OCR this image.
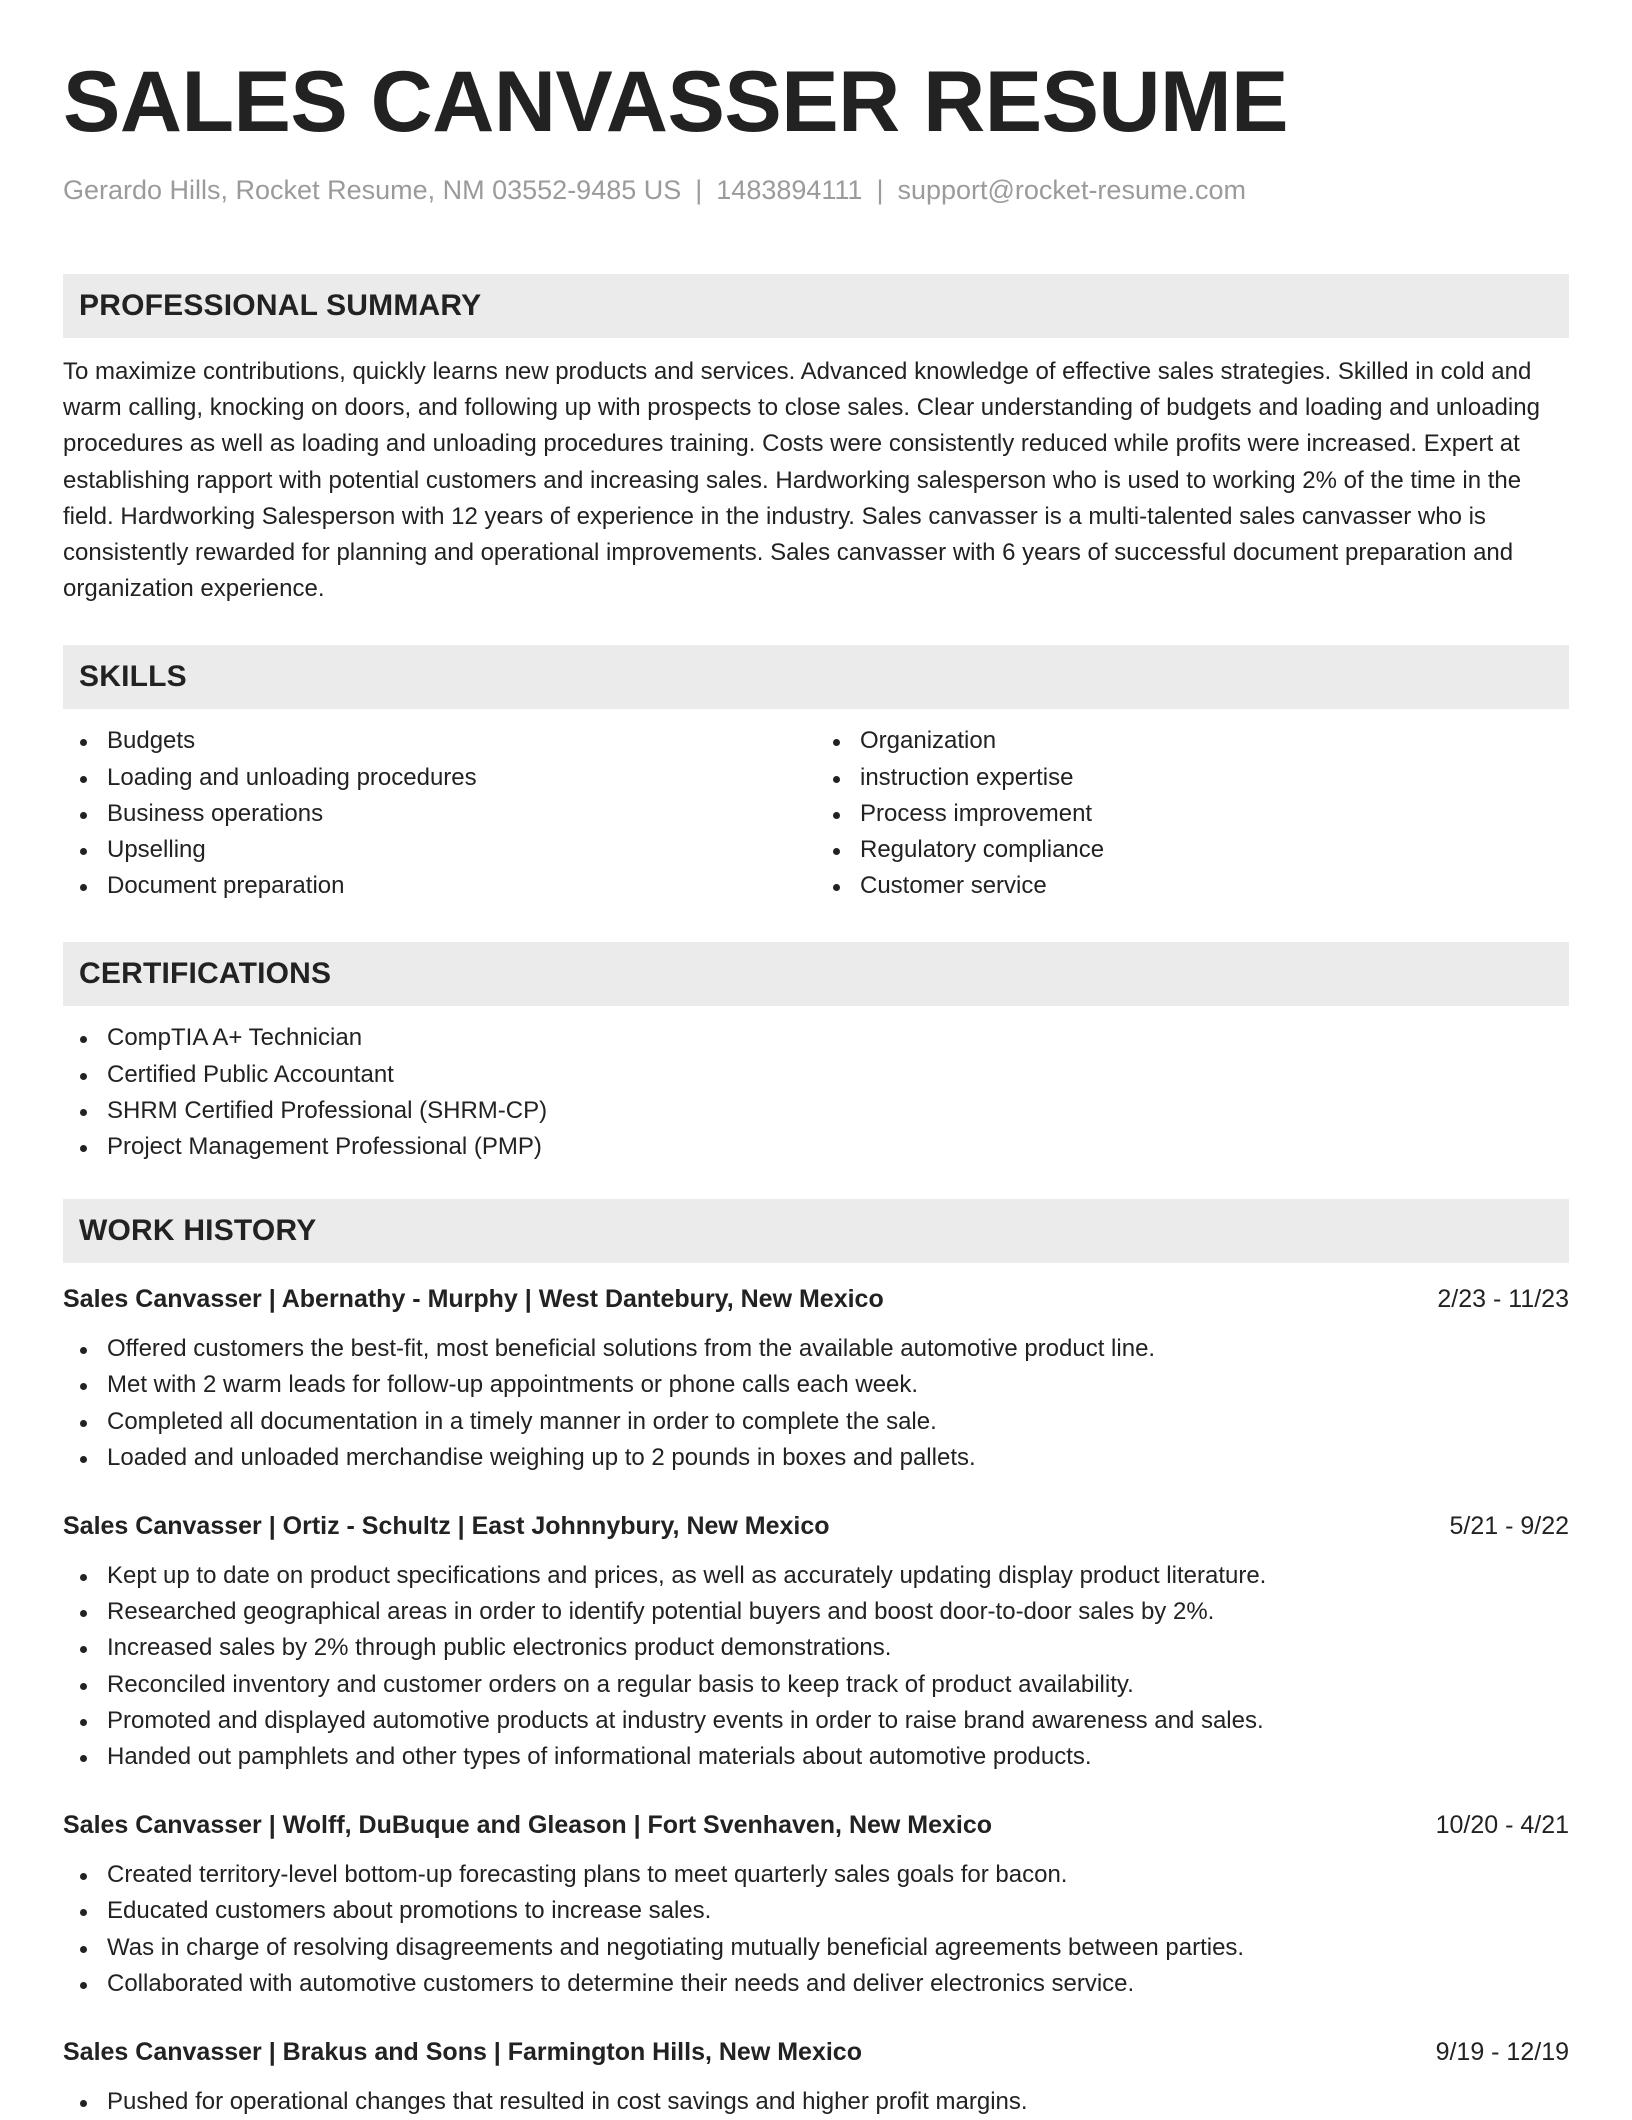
SALES CANVASSER RESUME
Gerardo Hills, Rocket Resume, NM 03552-9485 US | 1483894111 | support@rocket-resume.com
PROFESSIONAL SUMMARY

To maximize contributions, quickly learns new products and services. Advanced knowledge of effective sales strategies. Skilled in cold and warm calling, knocking on doors, and following up with prospects to close sales. Clear understanding of budgets and loading and unloading procedures as well as loading and unloading procedures training. Costs were consistently reduced while profits were increased. Expert at establishing rapport with potential customers and increasing sales. Hardworking salesperson who is used to working 2% of the time in the field. Hardworking Salesperson with 12 years of experience in the industry. Sales canvasser is a multi-talented sales canvasser who is consistently rewarded for planning and operational improvements. Sales canvasser with 6 years of successful document preparation and organization experience.

SKILLS
Budgets
Loading and unloading procedures
Business operations
Upselling
Document preparation
Organization
instruction expertise
Process improvement
Regulatory compliance
Customer service
CERTIFICATIONS
CompTIA A+ Technician
Certified Public Accountant
SHRM Certified Professional (SHRM-CP)
Project Management Professional (PMP)
WORK HISTORY
Sales Canvasser | Abernathy - Murphy | West Dantebury, New Mexico	2/23 - 11/23
Offered customers the best-fit, most beneficial solutions from the available automotive product line.
Met with 2 warm leads for follow-up appointments or phone calls each week.
Completed all documentation in a timely manner in order to complete the sale.
Loaded and unloaded merchandise weighing up to 2 pounds in boxes and pallets.
Sales Canvasser | Ortiz - Schultz | East Johnnybury, New Mexico	5/21 - 9/22
Kept up to date on product specifications and prices, as well as accurately updating display product literature.
Researched geographical areas in order to identify potential buyers and boost door-to-door sales by 2%.
Increased sales by 2% through public electronics product demonstrations.
Reconciled inventory and customer orders on a regular basis to keep track of product availability.
Promoted and displayed automotive products at industry events in order to raise brand awareness and sales.
Handed out pamphlets and other types of informational materials about automotive products.
Sales Canvasser | Wolff, DuBuque and Gleason | Fort Svenhaven, New Mexico	10/20 - 4/21
Created territory-level bottom-up forecasting plans to meet quarterly sales goals for bacon.
Educated customers about promotions to increase sales.
Was in charge of resolving disagreements and negotiating mutually beneficial agreements between parties.
Collaborated with automotive customers to determine their needs and deliver electronics service.
Sales Canvasser | Brakus and Sons | Farmington Hills, New Mexico	9/19 - 12/19
Pushed for operational changes that resulted in cost savings and higher profit margins.
